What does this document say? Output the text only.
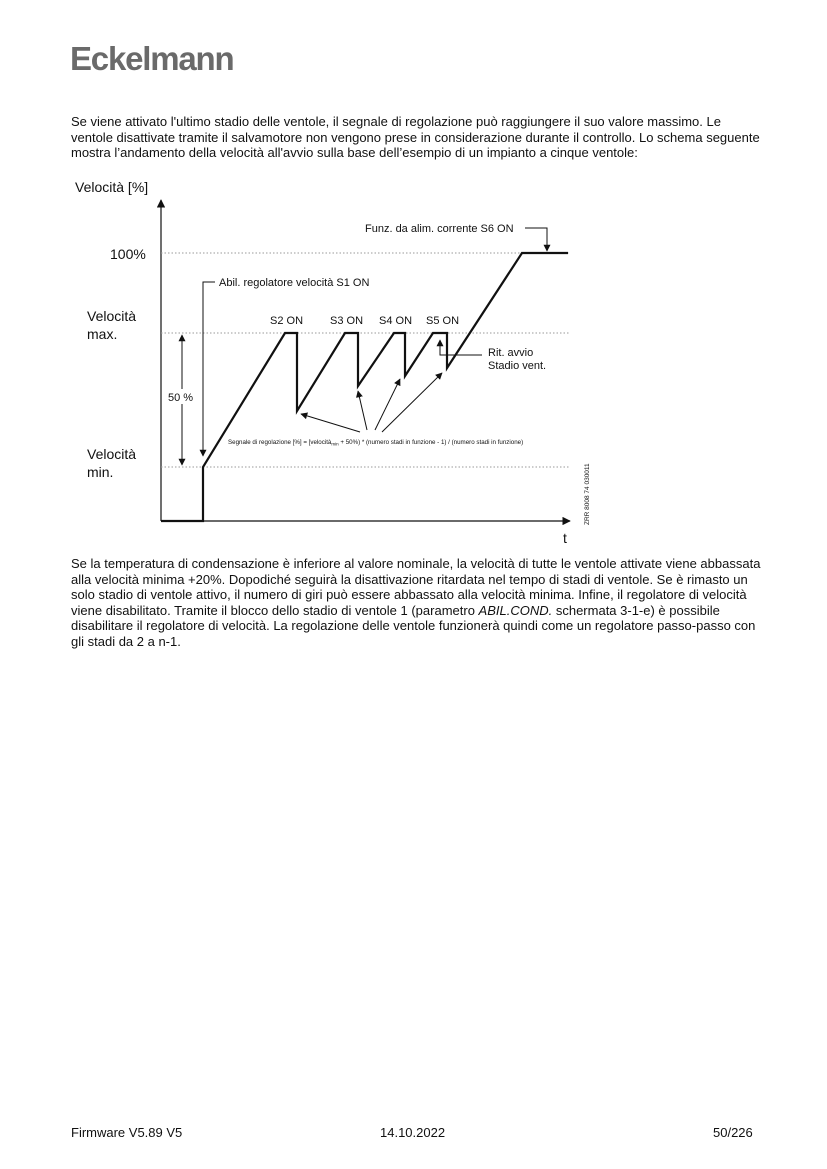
Eckelmann
Se viene attivato l'ultimo stadio delle ventole, il segnale di regolazione può raggiungere il suo valore massimo. Le ventole disattivate tramite il salvamotore non vengono prese in considerazione durante il controllo. Lo schema seguente mostra l’andamento della velocità all'avvio sulla base dell’esempio di un impianto a cinque ventole:
Velocità [%]
t
100%
Velocità
max.
Velocità
min.
50 %
Abil. regolatore velocità S1 ON
Funz. da alim. corrente S6 ON
S2 ON S3 ON S4 ON S5 ON
Rit. avvio
Stadio vent.
Segnale di regolazione [%] = [velocità$_{min}$ + 50%) * (numero stadi in funzione - 1) / (numero stadi in funzione)
ZRR 8008 74 030011
Se la temperatura di condensazione è inferiore al valore nominale, la velocità di tutte le ventole attivate viene abbassata alla velocità minima +20%. Dopodiché seguirà la disattivazione ritardata nel tempo di stadi di ventole. Se è rimasto un solo stadio di ventole attivo, il numero di giri può essere abbassato alla velocità minima. Infine, il regolatore di velocità viene disabilitato. Tramite il blocco dello stadio di ventole 1 (parametro ABIL.COND. schermata 3-1-e) è possibile disabilitare il regolatore di velocità. La regolazione delle ventole funzionerà quindi come un regolatore passo-passo con gli stadi da 2 a n-1.
Firmware V5.89 V5	14.10.2022	50/226
